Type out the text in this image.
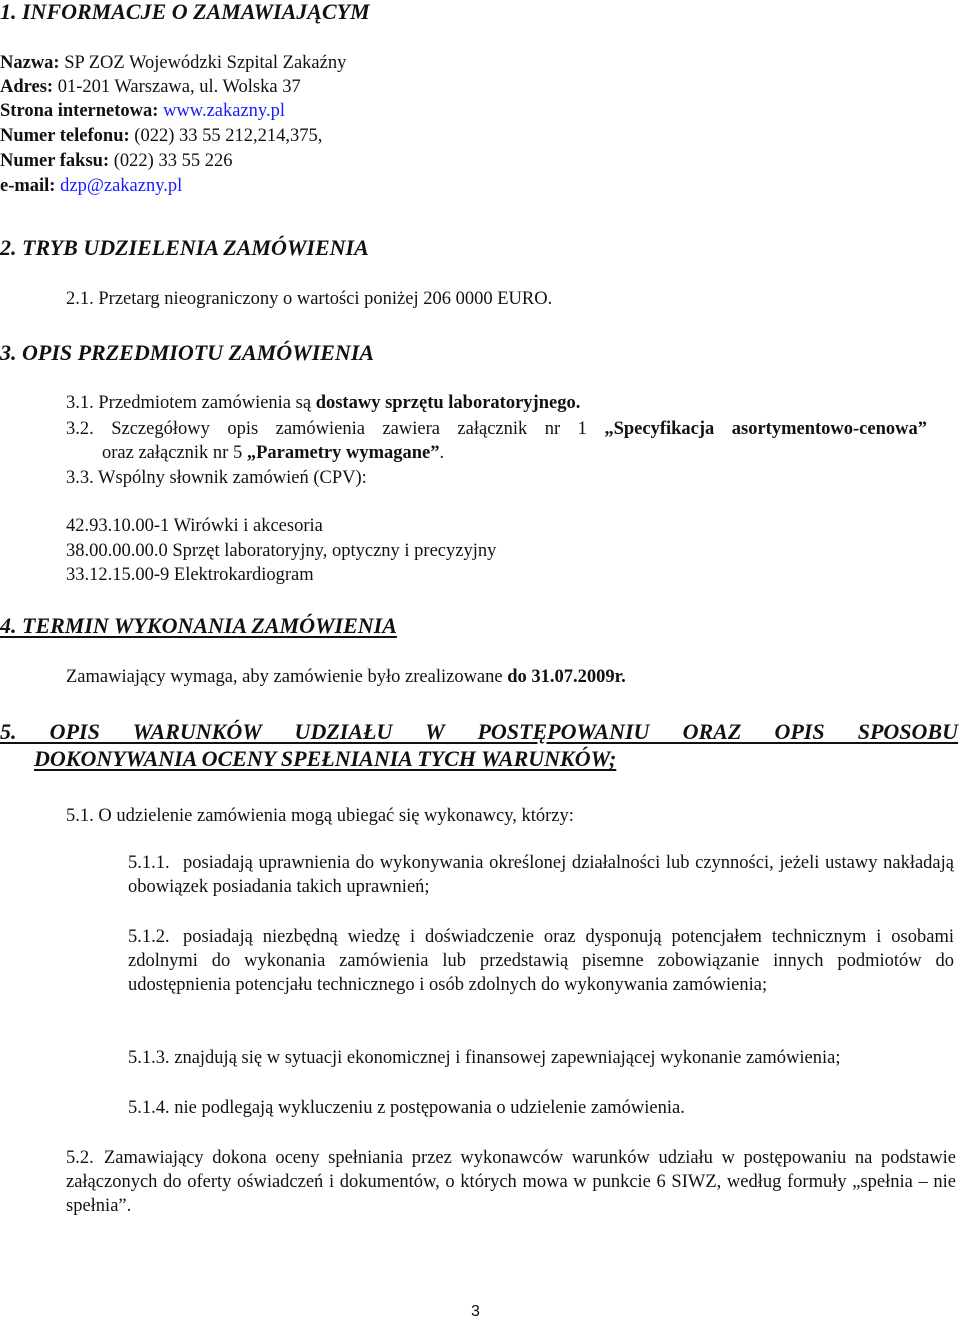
1. INFORMACJE O ZAMAWIAJĄCYM
Nazwa: SP ZOZ Wojewódzki Szpital Zakaźny
Adres: 01-201 Warszawa, ul. Wolska 37
Strona internetowa: www.zakazny.pl
Numer telefonu: (022) 33 55 212,214,375,
Numer faksu: (022) 33 55 226
e-mail: dzp@zakazny.pl
2. TRYB UDZIELENIA ZAMÓWIENIA
2.1. Przetarg nieograniczony o wartości poniżej 206 0000 EURO.
3. OPIS PRZEDMIOTU ZAMÓWIENIA
3.1. Przedmiotem zamówienia są dostawy sprzętu laboratoryjnego.
3.2. Szczegółowy opis zamówienia zawiera załącznik nr 1 „Specyfikacja asortymentowo-cenowa”
oraz załącznik nr 5 „Parametry wymagane”.
3.3. Wspólny słownik zamówień (CPV):
42.93.10.00-1 Wirówki i akcesoria
38.00.00.00.0 Sprzęt laboratoryjny, optyczny i precyzyjny
33.12.15.00-9 Elektrokardiogram
4. TERMIN WYKONANIA ZAMÓWIENIA
Zamawiający wymaga, aby zamówienie było zrealizowane do 31.07.2009r.
5. OPIS WARUNKÓW UDZIAŁU W POSTĘPOWANIU ORAZ OPIS SPOSOBU
DOKONYWANIA OCENY SPEŁNIANIA TYCH WARUNKÓW;
5.1. O udzielenie zamówienia mogą ubiegać się wykonawcy, którzy:
5.1.1. posiadają uprawnienia do wykonywania określonej działalności lub czynności, jeżeli ustawy nakładają obowiązek posiadania takich uprawnień;
5.1.2. posiadają niezbędną wiedzę i doświadczenie oraz dysponują potencjałem technicznym i osobami zdolnymi do wykonania zamówienia lub przedstawią pisemne zobowiązanie innych podmiotów do udostępnienia potencjału technicznego i osób zdolnych do wykonywania zamówienia;
5.1.3. znajdują się w sytuacji ekonomicznej i finansowej zapewniającej wykonanie zamówienia;
5.1.4. nie podlegają wykluczeniu z postępowania o udzielenie zamówienia.
5.2. Zamawiający dokona oceny spełniania przez wykonawców warunków udziału w postępowaniu na podstawie załączonych do oferty oświadczeń i dokumentów, o których mowa w punkcie 6 SIWZ, według formuły „spełnia – nie spełnia”.
3
